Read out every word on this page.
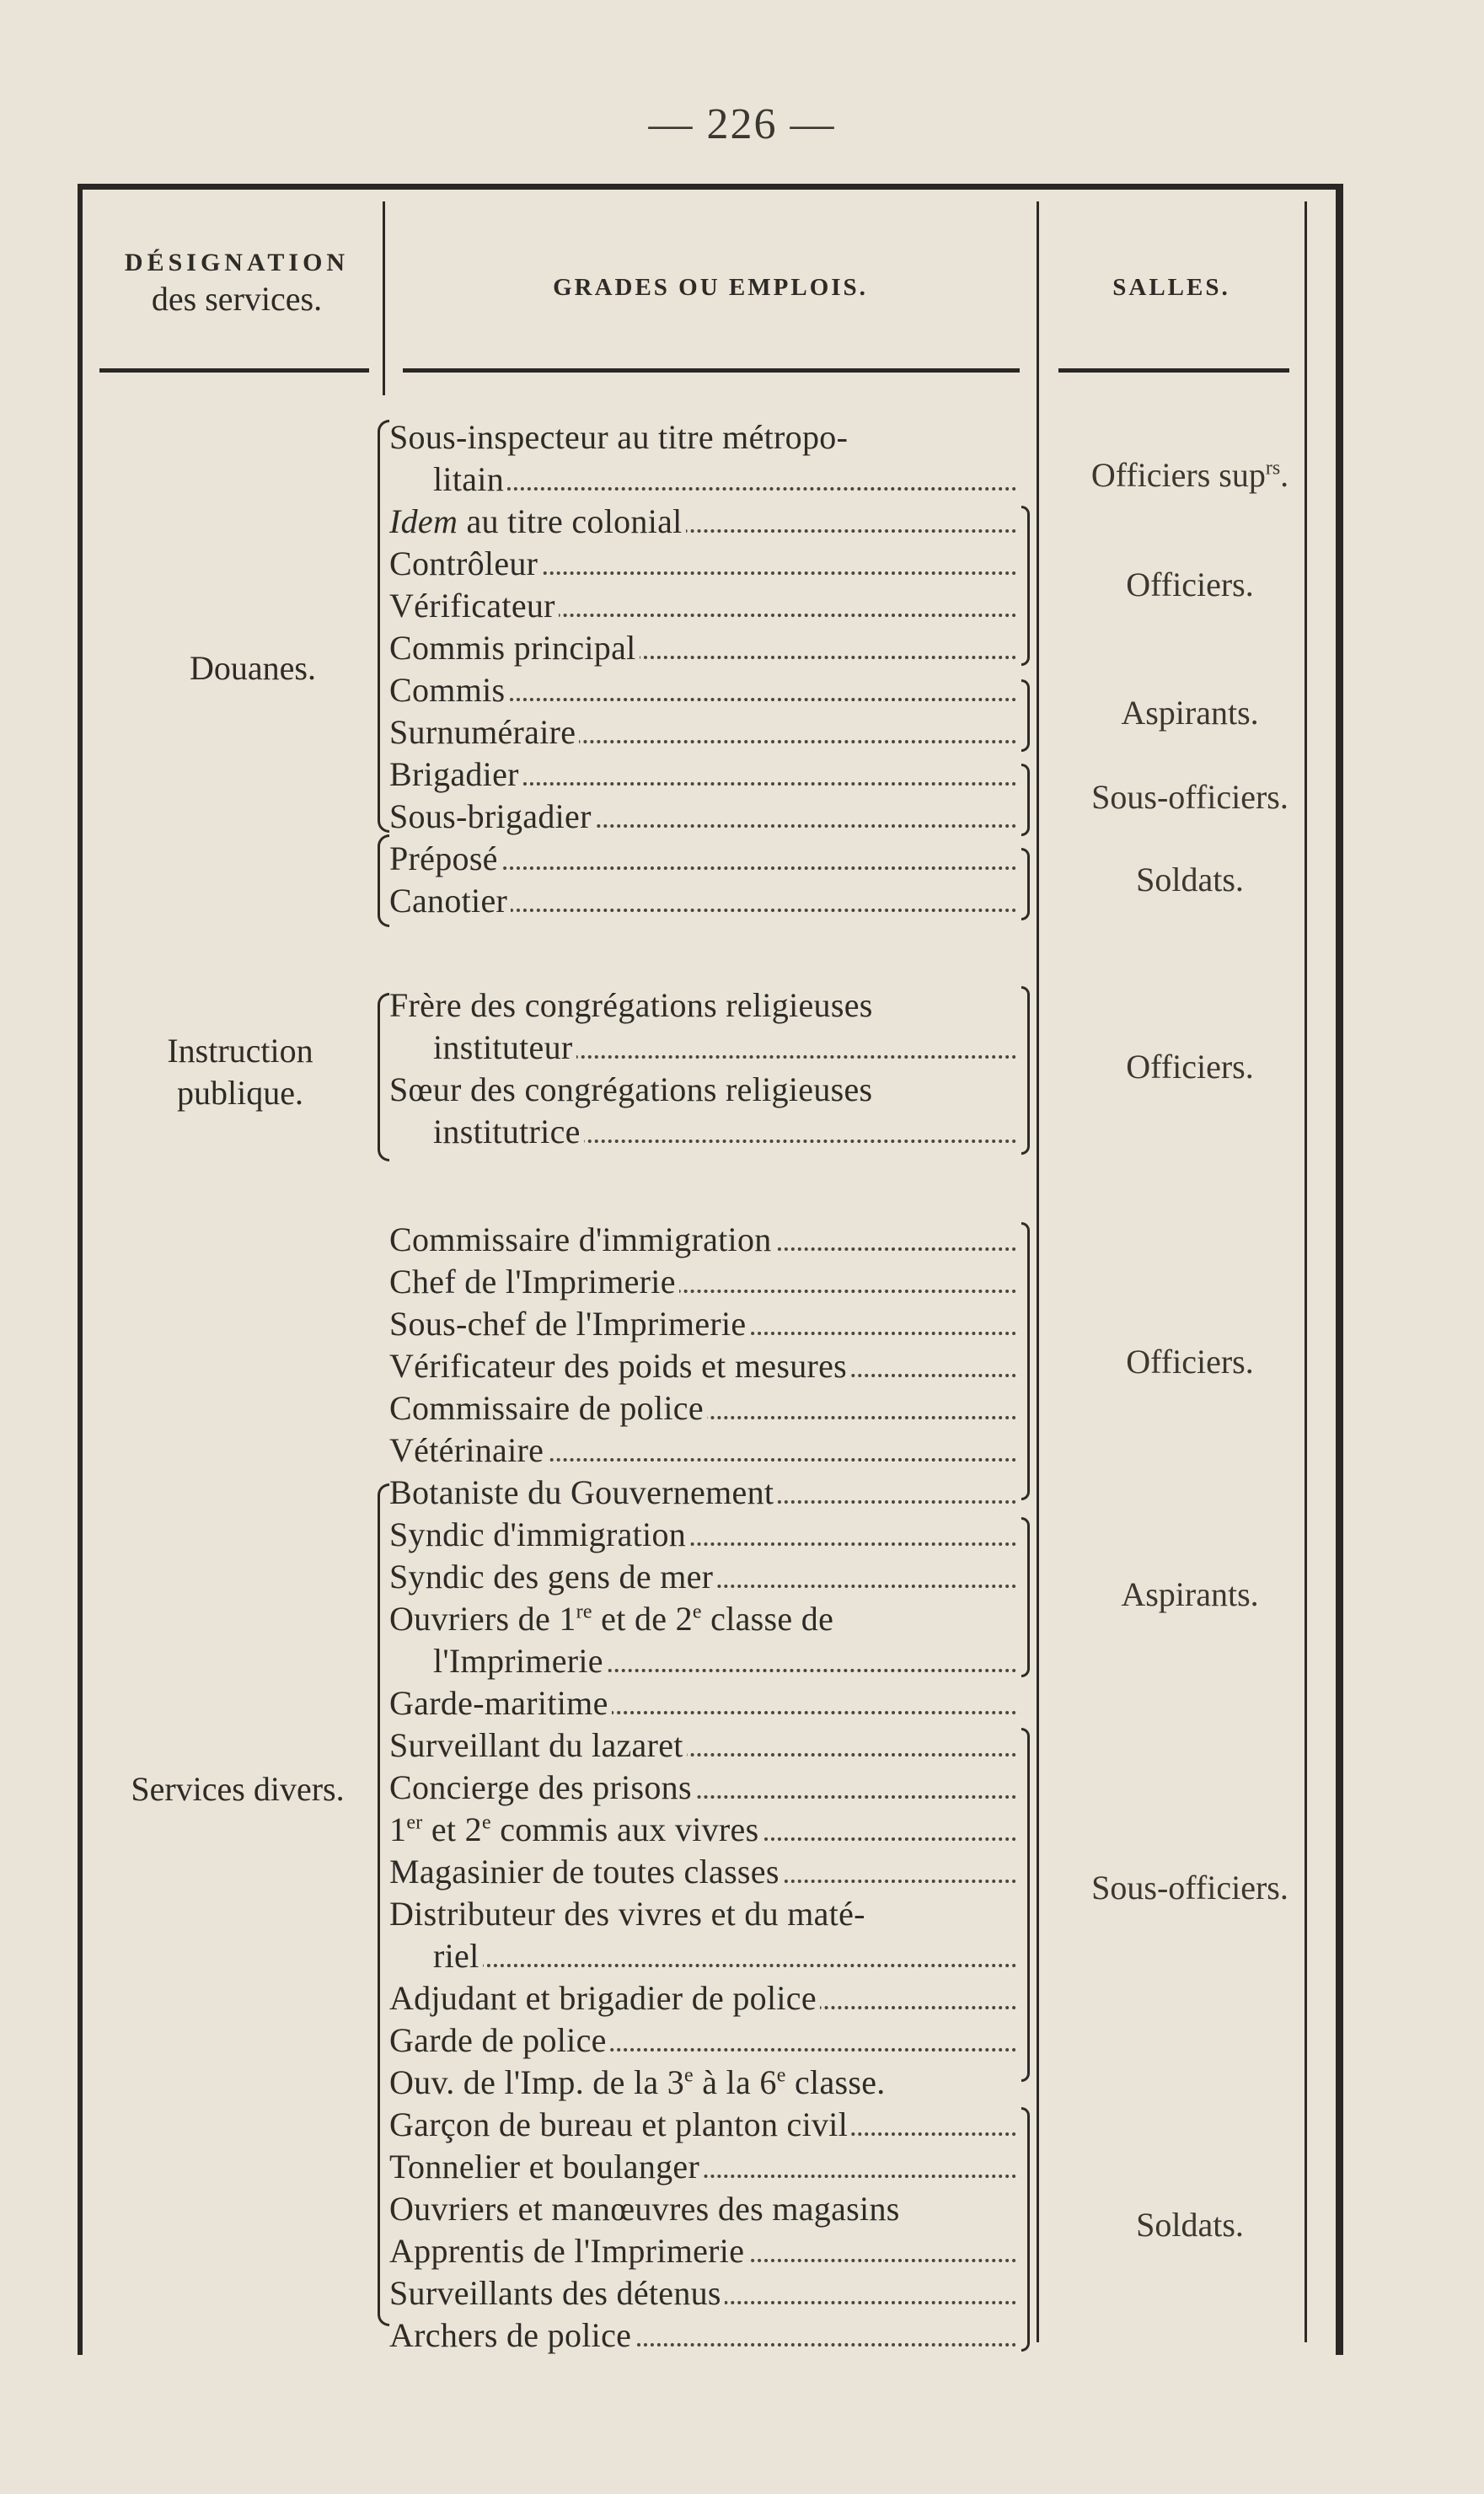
— 226 —
DÉSIGNATION
des services.	GRADES OU EMPLOIS.	SALLES.
Douanes.
Sous-inspecteur au titre métropo-
litain
Idem au titre colonial
Contrôleur
Vérificateur
Commis principal
Commis
Surnuméraire
Brigadier
Sous-brigadier
Préposé
Canotier
Officiers sup$^{rs}$.
Officiers.
Aspirants.
Sous-officiers.
Soldats.
Instruction
publique.
Frère des congrégations religieuses
instituteur
Sœur des congrégations religieuses
institutrice
Officiers.
Services divers.
Commissaire d'immigration
Chef de l'Imprimerie
Sous-chef de l'Imprimerie
Vérificateur des poids et mesures
Commissaire de police
Vétérinaire
Botaniste du Gouvernement
Syndic d'immigration
Syndic des gens de mer
Ouvriers de 1re et de 2e classe de
l'Imprimerie
Garde-maritime
Surveillant du lazaret
Concierge des prisons
1er et 2e commis aux vivres
Magasinier de toutes classes
Distributeur des vivres et du maté-
riel
Adjudant et brigadier de police
Garde de police
Ouv. de l'Imp. de la 3e à la 6e classe.
Garçon de bureau et planton civil
Tonnelier et boulanger
Ouvriers et manœuvres des magasins
Apprentis de l'Imprimerie
Surveillants des détenus
Archers de police
Officiers.
Aspirants.
Sous-officiers.
Soldats.
